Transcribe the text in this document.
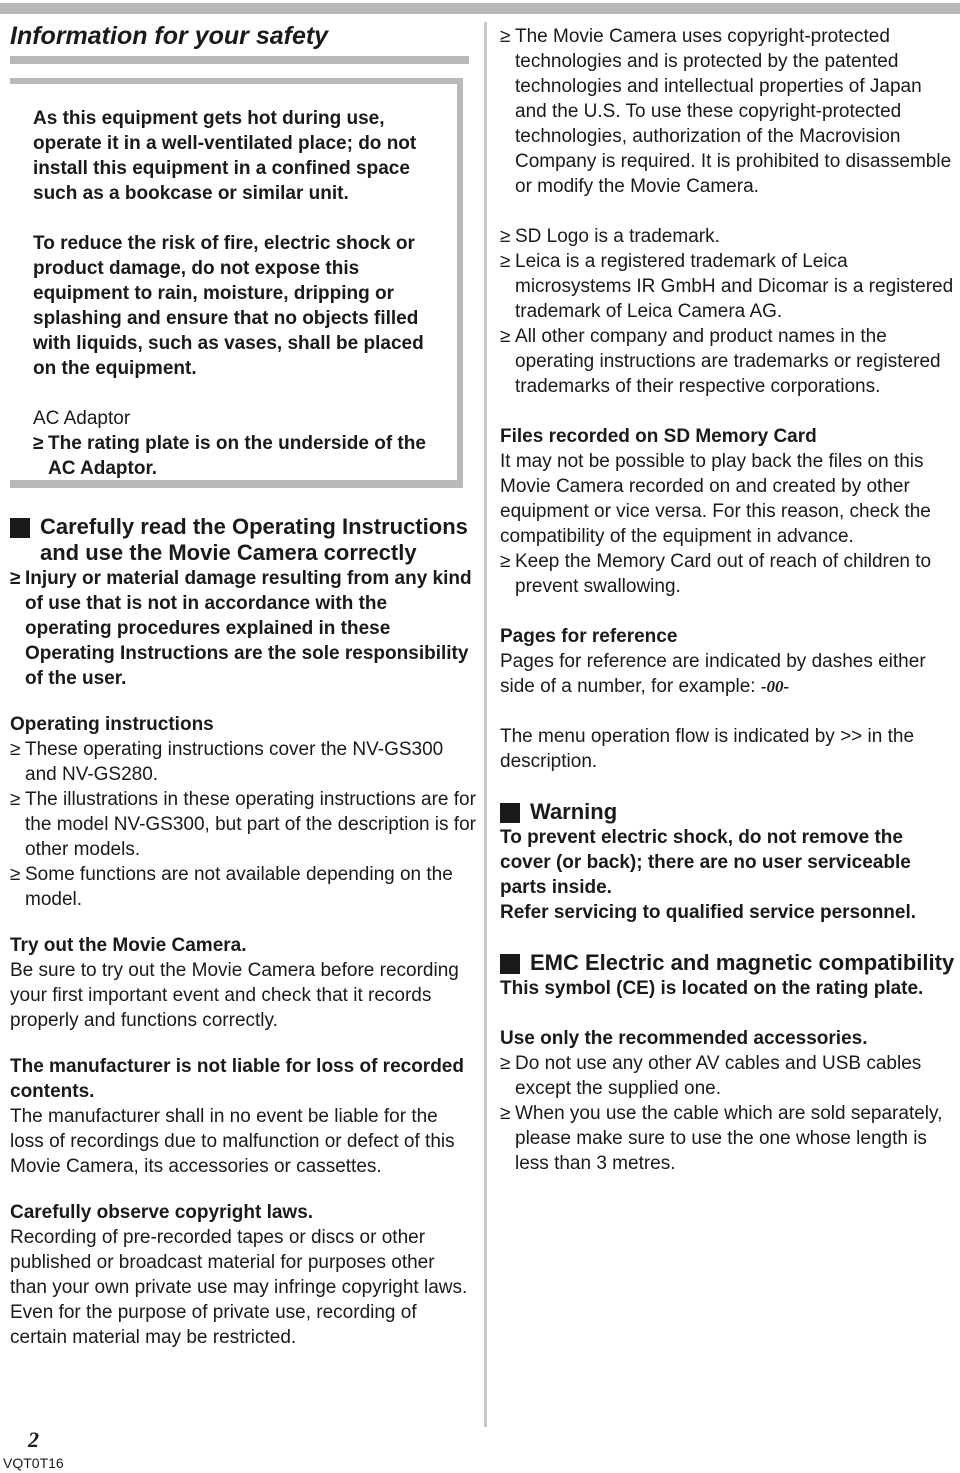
Information for your safety

As this equipment gets hot during use, operate it in a well-ventilated place; do not install this equipment in a confined space such as a bookcase or similar unit.

To reduce the risk of fire, electric shock or product damage, do not expose this equipment to rain, moisture, dripping or splashing and ensure that no objects filled with liquids, such as vases, shall be placed on the equipment.

AC Adaptor

≥ The rating plate is on the underside of the AC Adaptor.
Carefully read the Operating Instructions and use the Movie Camera correctly
≥ Injury or material damage resulting from any kind of use that is not in accordance with the operating procedures explained in these Operating Instructions are the sole responsibility of the user.

Operating instructions

≥ These operating instructions cover the NV-GS300 and NV-GS280.
≥ The illustrations in these operating instructions are for the model NV-GS300, but part of the description is for other models.
≥ Some functions are not available depending on the model.

Try out the Movie Camera.

Be sure to try out the Movie Camera before recording your first important event and check that it records properly and functions correctly.

The manufacturer is not liable for loss of recorded contents.

The manufacturer shall in no event be liable for the loss of recordings due to malfunction or defect of this Movie Camera, its accessories or cassettes.

Carefully observe copyright laws.

Recording of pre-recorded tapes or discs or other published or broadcast material for purposes other than your own private use may infringe copyright laws. Even for the purpose of private use, recording of certain material may be restricted.

2
VQT0T16
≥ The Movie Camera uses copyright-protected technologies and is protected by the patented technologies and intellectual properties of Japan and the U.S. To use these copyright-protected technologies, authorization of the Macrovision Company is required. It is prohibited to disassemble or modify the Movie Camera.
≥ SD Logo is a trademark.
≥ Leica is a registered trademark of Leica microsystems IR GmbH and Dicomar is a registered trademark of Leica Camera AG.
≥ All other company and product names in the operating instructions are trademarks or registered trademarks of their respective corporations.

Files recorded on SD Memory Card

It may not be possible to play back the files on this Movie Camera recorded on and created by other equipment or vice versa. For this reason, check the compatibility of the equipment in advance.

≥ Keep the Memory Card out of reach of children to prevent swallowing.

Pages for reference

Pages for reference are indicated by dashes either side of a number, for example: -00-

The menu operation flow is indicated by >> in the description.

Warning

To prevent electric shock, do not remove the cover (or back); there are no user serviceable parts inside.

Refer servicing to qualified service personnel.

EMC Electric and magnetic compatibility

This symbol (CE) is located on the rating plate.

Use only the recommended accessories.

≥ Do not use any other AV cables and USB cables except the supplied one.
≥ When you use the cable which are sold separately, please make sure to use the one whose length is less than 3 metres.
